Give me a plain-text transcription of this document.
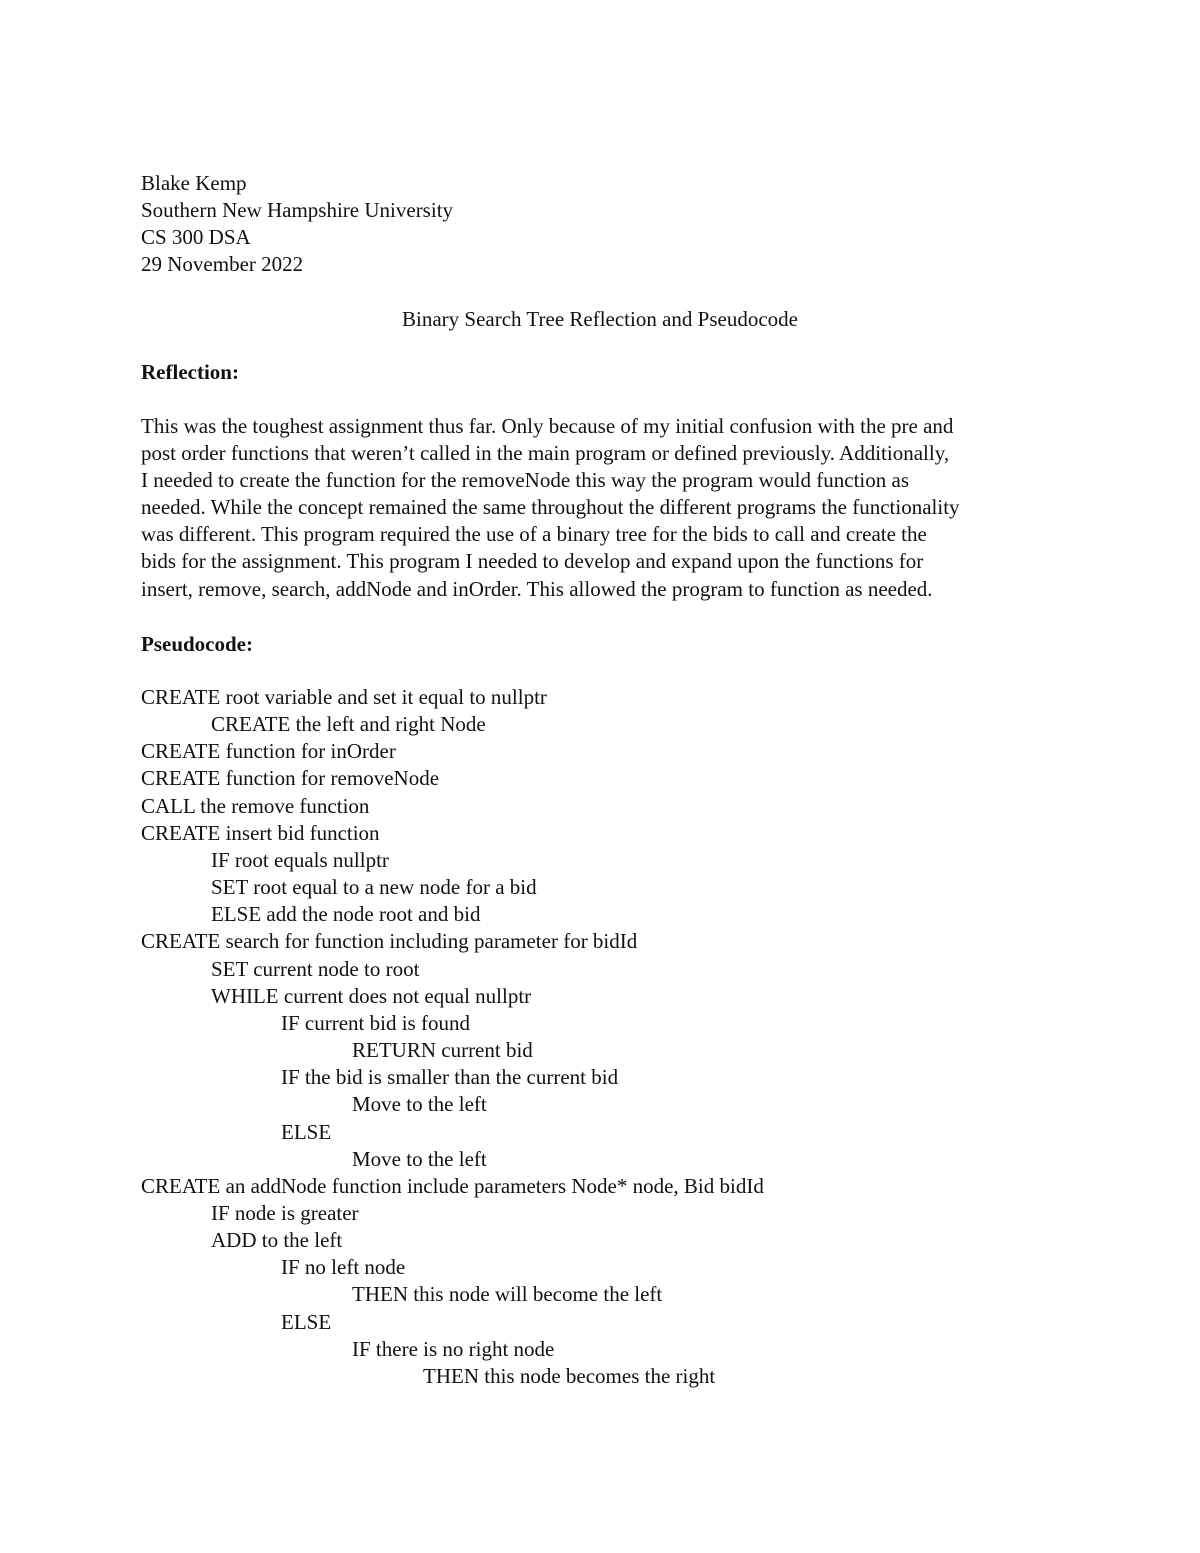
Blake Kemp
Southern New Hampshire University
CS 300 DSA
29 November 2022
Binary Search Tree Reflection and Pseudocode
Reflection:
This was the toughest assignment thus far. Only because of my initial confusion with the pre and
post order functions that weren’t called in the main program or defined previously. Additionally,
I needed to create the function for the removeNode this way the program would function as
needed. While the concept remained the same throughout the different programs the functionality
was different. This program required the use of a binary tree for the bids to call and create the
bids for the assignment. This program I needed to develop and expand upon the functions for
insert, remove, search, addNode and inOrder. This allowed the program to function as needed.
Pseudocode:
CREATE root variable and set it equal to nullptr
CREATE the left and right Node
CREATE function for inOrder
CREATE function for removeNode
CALL the remove function
CREATE insert bid function
IF root equals nullptr
SET root equal to a new node for a bid
ELSE add the node root and bid
CREATE search for function including parameter for bidId
SET current node to root
WHILE current does not equal nullptr
IF current bid is found
RETURN current bid
IF the bid is smaller than the current bid
Move to the left
ELSE
Move to the left
CREATE an addNode function include parameters Node* node, Bid bidId
IF node is greater
ADD to the left
IF no left node
THEN this node will become the left
ELSE
IF there is no right node
THEN this node becomes the right
